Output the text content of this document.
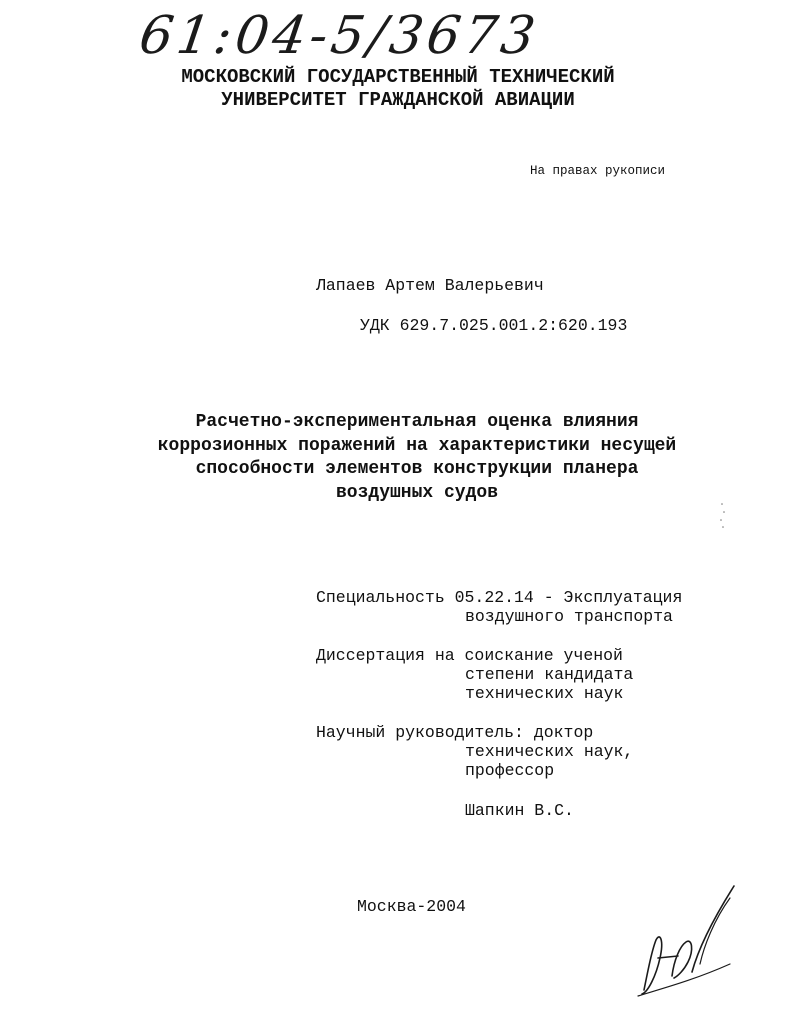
61:04-5/3673
МОСКОВСКИЙ ГОСУДАРСТВЕННЫЙ ТЕХНИЧЕСКИЙ
УНИВЕРСИТЕТ ГРАЖДАНСКОЙ АВИАЦИИ
На правах рукописи
Лапаев Артем Валерьевич
УДК 629.7.025.001.2:620.193
Расчетно-экспериментальная оценка влияния
коррозионных поражений на характеристики несущей
способности элементов конструкции планера
воздушных судов
Специальность 05.22.14 - Эксплуатация
воздушного транспорта
Диссертация на соискание ученой
степени кандидата
технических наук
Научный руководитель: доктор
технических наук,
профессор
Шапкин В.С.
Москва-2004
